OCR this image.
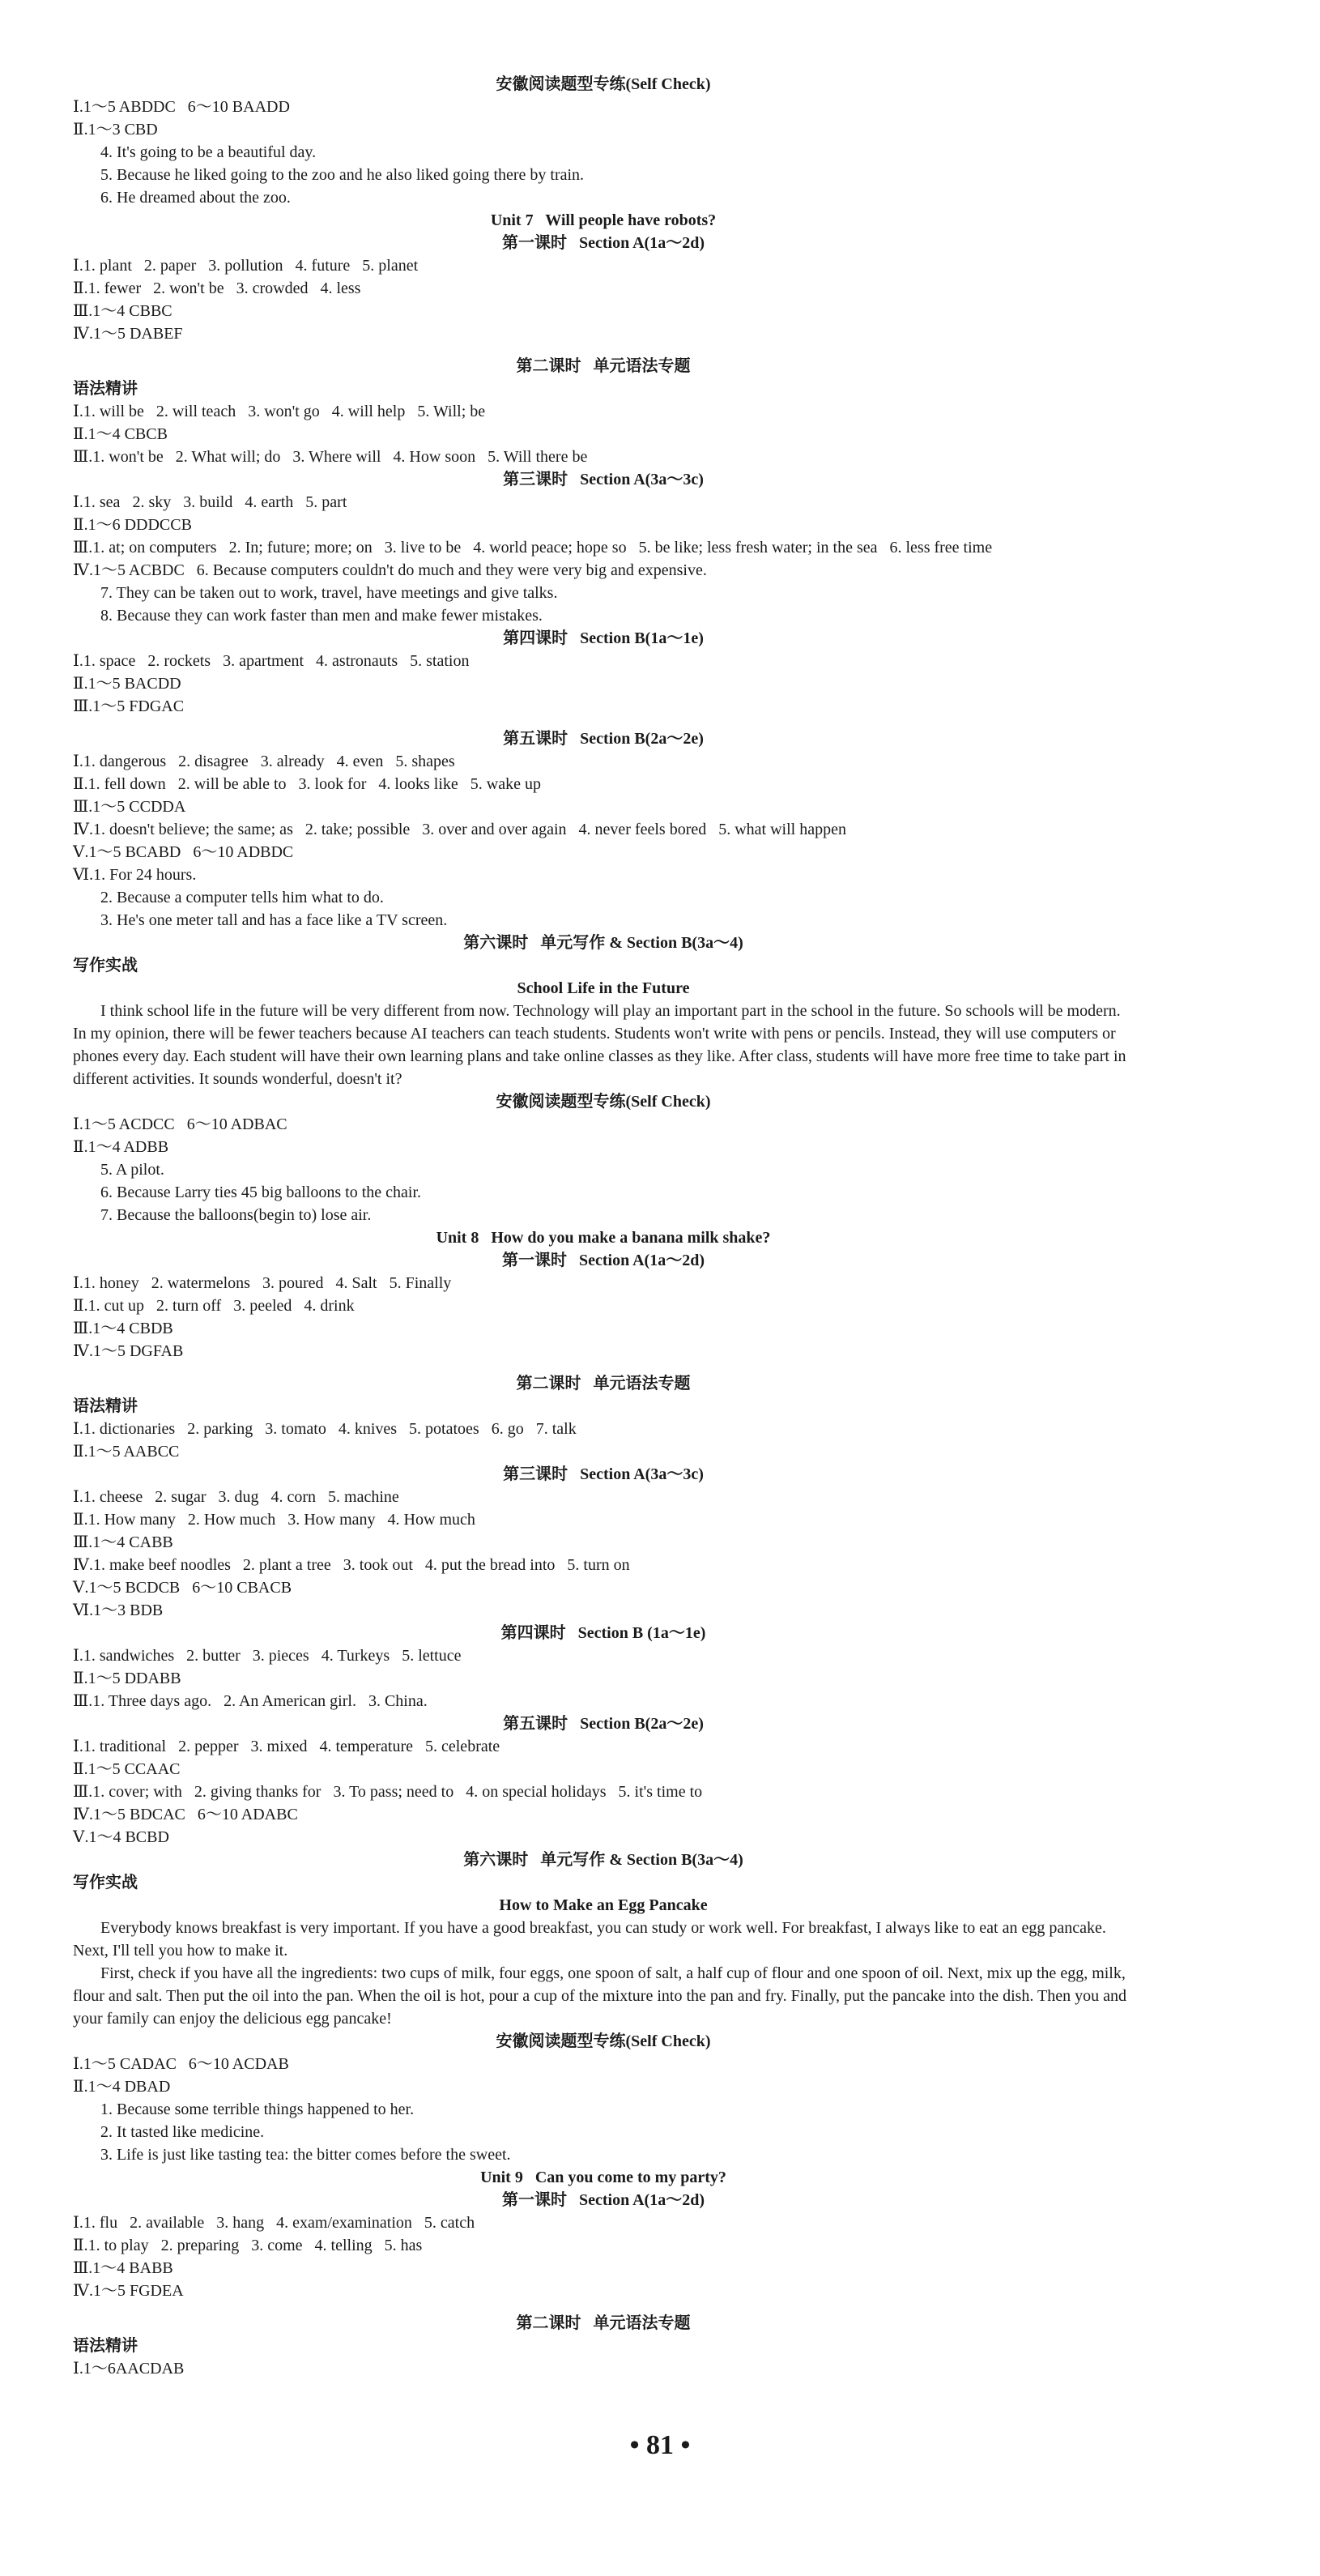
安徽阅读题型专练(Self Check)

Ⅰ.1～5 ABDDC   6～10 BAADD

Ⅱ.1～3 CBD

4. It's going to be a beautiful day.

5. Because he liked going to the zoo and he also liked going there by train.

6. He dreamed about the zoo.

Unit 7   Will people have robots?

第一课时   Section A(1a～2d)

Ⅰ.1. plant   2. paper   3. pollution   4. future   5. planet

Ⅱ.1. fewer   2. won't be   3. crowded   4. less

Ⅲ.1～4 CBBC

Ⅳ.1～5 DABEF

第二课时   单元语法专题

语法精讲

Ⅰ.1. will be   2. will teach   3. won't go   4. will help   5. Will; be

Ⅱ.1～4 CBCB

Ⅲ.1. won't be   2. What will; do   3. Where will   4. How soon   5. Will there be

第三课时   Section A(3a～3c)

Ⅰ.1. sea   2. sky   3. build   4. earth   5. part

Ⅱ.1～6 DDDCCB

Ⅲ.1. at; on computers   2. In; future; more; on   3. live to be   4. world peace; hope so   5. be like; less fresh water; in the sea   6. less free time

Ⅳ.1～5 ACBDC   6. Because computers couldn't do much and they were very big and expensive.

7. They can be taken out to work, travel, have meetings and give talks.

8. Because they can work faster than men and make fewer mistakes.

第四课时   Section B(1a～1e)

Ⅰ.1. space   2. rockets   3. apartment   4. astronauts   5. station

Ⅱ.1～5 BACDD

Ⅲ.1～5 FDGAC

第五课时   Section B(2a～2e)

Ⅰ.1. dangerous   2. disagree   3. already   4. even   5. shapes

Ⅱ.1. fell down   2. will be able to   3. look for   4. looks like   5. wake up

Ⅲ.1～5 CCDDA

Ⅳ.1. doesn't believe; the same; as   2. take; possible   3. over and over again   4. never feels bored   5. what will happen

Ⅴ.1～5 BCABD   6～10 ADBDC

Ⅵ.1. For 24 hours.

2. Because a computer tells him what to do.

3. He's one meter tall and has a face like a TV screen.

第六课时   单元写作 & Section B(3a～4)

写作实战

School Life in the Future

I think school life in the future will be very different from now. Technology will play an important part in the school in the future. So schools will be modern. In my opinion, there will be fewer teachers because AI teachers can teach students. Students won't write with pens or pencils. Instead, they will use computers or phones every day. Each student will have their own learning plans and take online classes as they like. After class, students will have more free time to take part in different activities. It sounds wonderful, doesn't it?

安徽阅读题型专练(Self Check)

Ⅰ.1～5 ACDCC   6～10 ADBAC

Ⅱ.1～4 ADBB

5. A pilot.

6. Because Larry ties 45 big balloons to the chair.

7. Because the balloons(begin to) lose air.

Unit 8   How do you make a banana milk shake?

第一课时   Section A(1a～2d)

Ⅰ.1. honey   2. watermelons   3. poured   4. Salt   5. Finally

Ⅱ.1. cut up   2. turn off   3. peeled   4. drink

Ⅲ.1～4 CBDB

Ⅳ.1～5 DGFAB

第二课时   单元语法专题

语法精讲

Ⅰ.1. dictionaries   2. parking   3. tomato   4. knives   5. potatoes   6. go   7. talk

Ⅱ.1～5 AABCC

第三课时   Section A(3a～3c)

Ⅰ.1. cheese   2. sugar   3. dug   4. corn   5. machine

Ⅱ.1. How many   2. How much   3. How many   4. How much

Ⅲ.1～4 CABB

Ⅳ.1. make beef noodles   2. plant a tree   3. took out   4. put the bread into   5. turn on

Ⅴ.1～5 BCDCB   6～10 CBACB

Ⅵ.1～3 BDB

第四课时   Section B (1a～1e)

Ⅰ.1. sandwiches   2. butter   3. pieces   4. Turkeys   5. lettuce

Ⅱ.1～5 DDABB

Ⅲ.1. Three days ago.   2. An American girl.   3. China.

第五课时   Section B(2a～2e)

Ⅰ.1. traditional   2. pepper   3. mixed   4. temperature   5. celebrate

Ⅱ.1～5 CCAAC

Ⅲ.1. cover; with   2. giving thanks for   3. To pass; need to   4. on special holidays   5. it's time to

Ⅳ.1～5 BDCAC   6～10 ADABC

Ⅴ.1～4 BCBD

第六课时   单元写作 & Section B(3a～4)

写作实战

How to Make an Egg Pancake

Everybody knows breakfast is very important. If you have a good breakfast, you can study or work well. For breakfast, I always like to eat an egg pancake. Next, I'll tell you how to make it.

First, check if you have all the ingredients: two cups of milk, four eggs, one spoon of salt, a half cup of flour and one spoon of oil. Next, mix up the egg, milk, flour and salt. Then put the oil into the pan. When the oil is hot, pour a cup of the mixture into the pan and fry. Finally, put the pancake into the dish. Then you and your family can enjoy the delicious egg pancake!

安徽阅读题型专练(Self Check)

Ⅰ.1～5 CADAC   6～10 ACDAB

Ⅱ.1～4 DBAD

1. Because some terrible things happened to her.

2. It tasted like medicine.

3. Life is just like tasting tea: the bitter comes before the sweet.

Unit 9   Can you come to my party?

第一课时   Section A(1a～2d)

Ⅰ.1. flu   2. available   3. hang   4. exam/examination   5. catch

Ⅱ.1. to play   2. preparing   3. come   4. telling   5. has

Ⅲ.1～4 BABB

Ⅳ.1～5 FGDEA

第二课时   单元语法专题

语法精讲

Ⅰ.1～6AACDAB

• 81 •
